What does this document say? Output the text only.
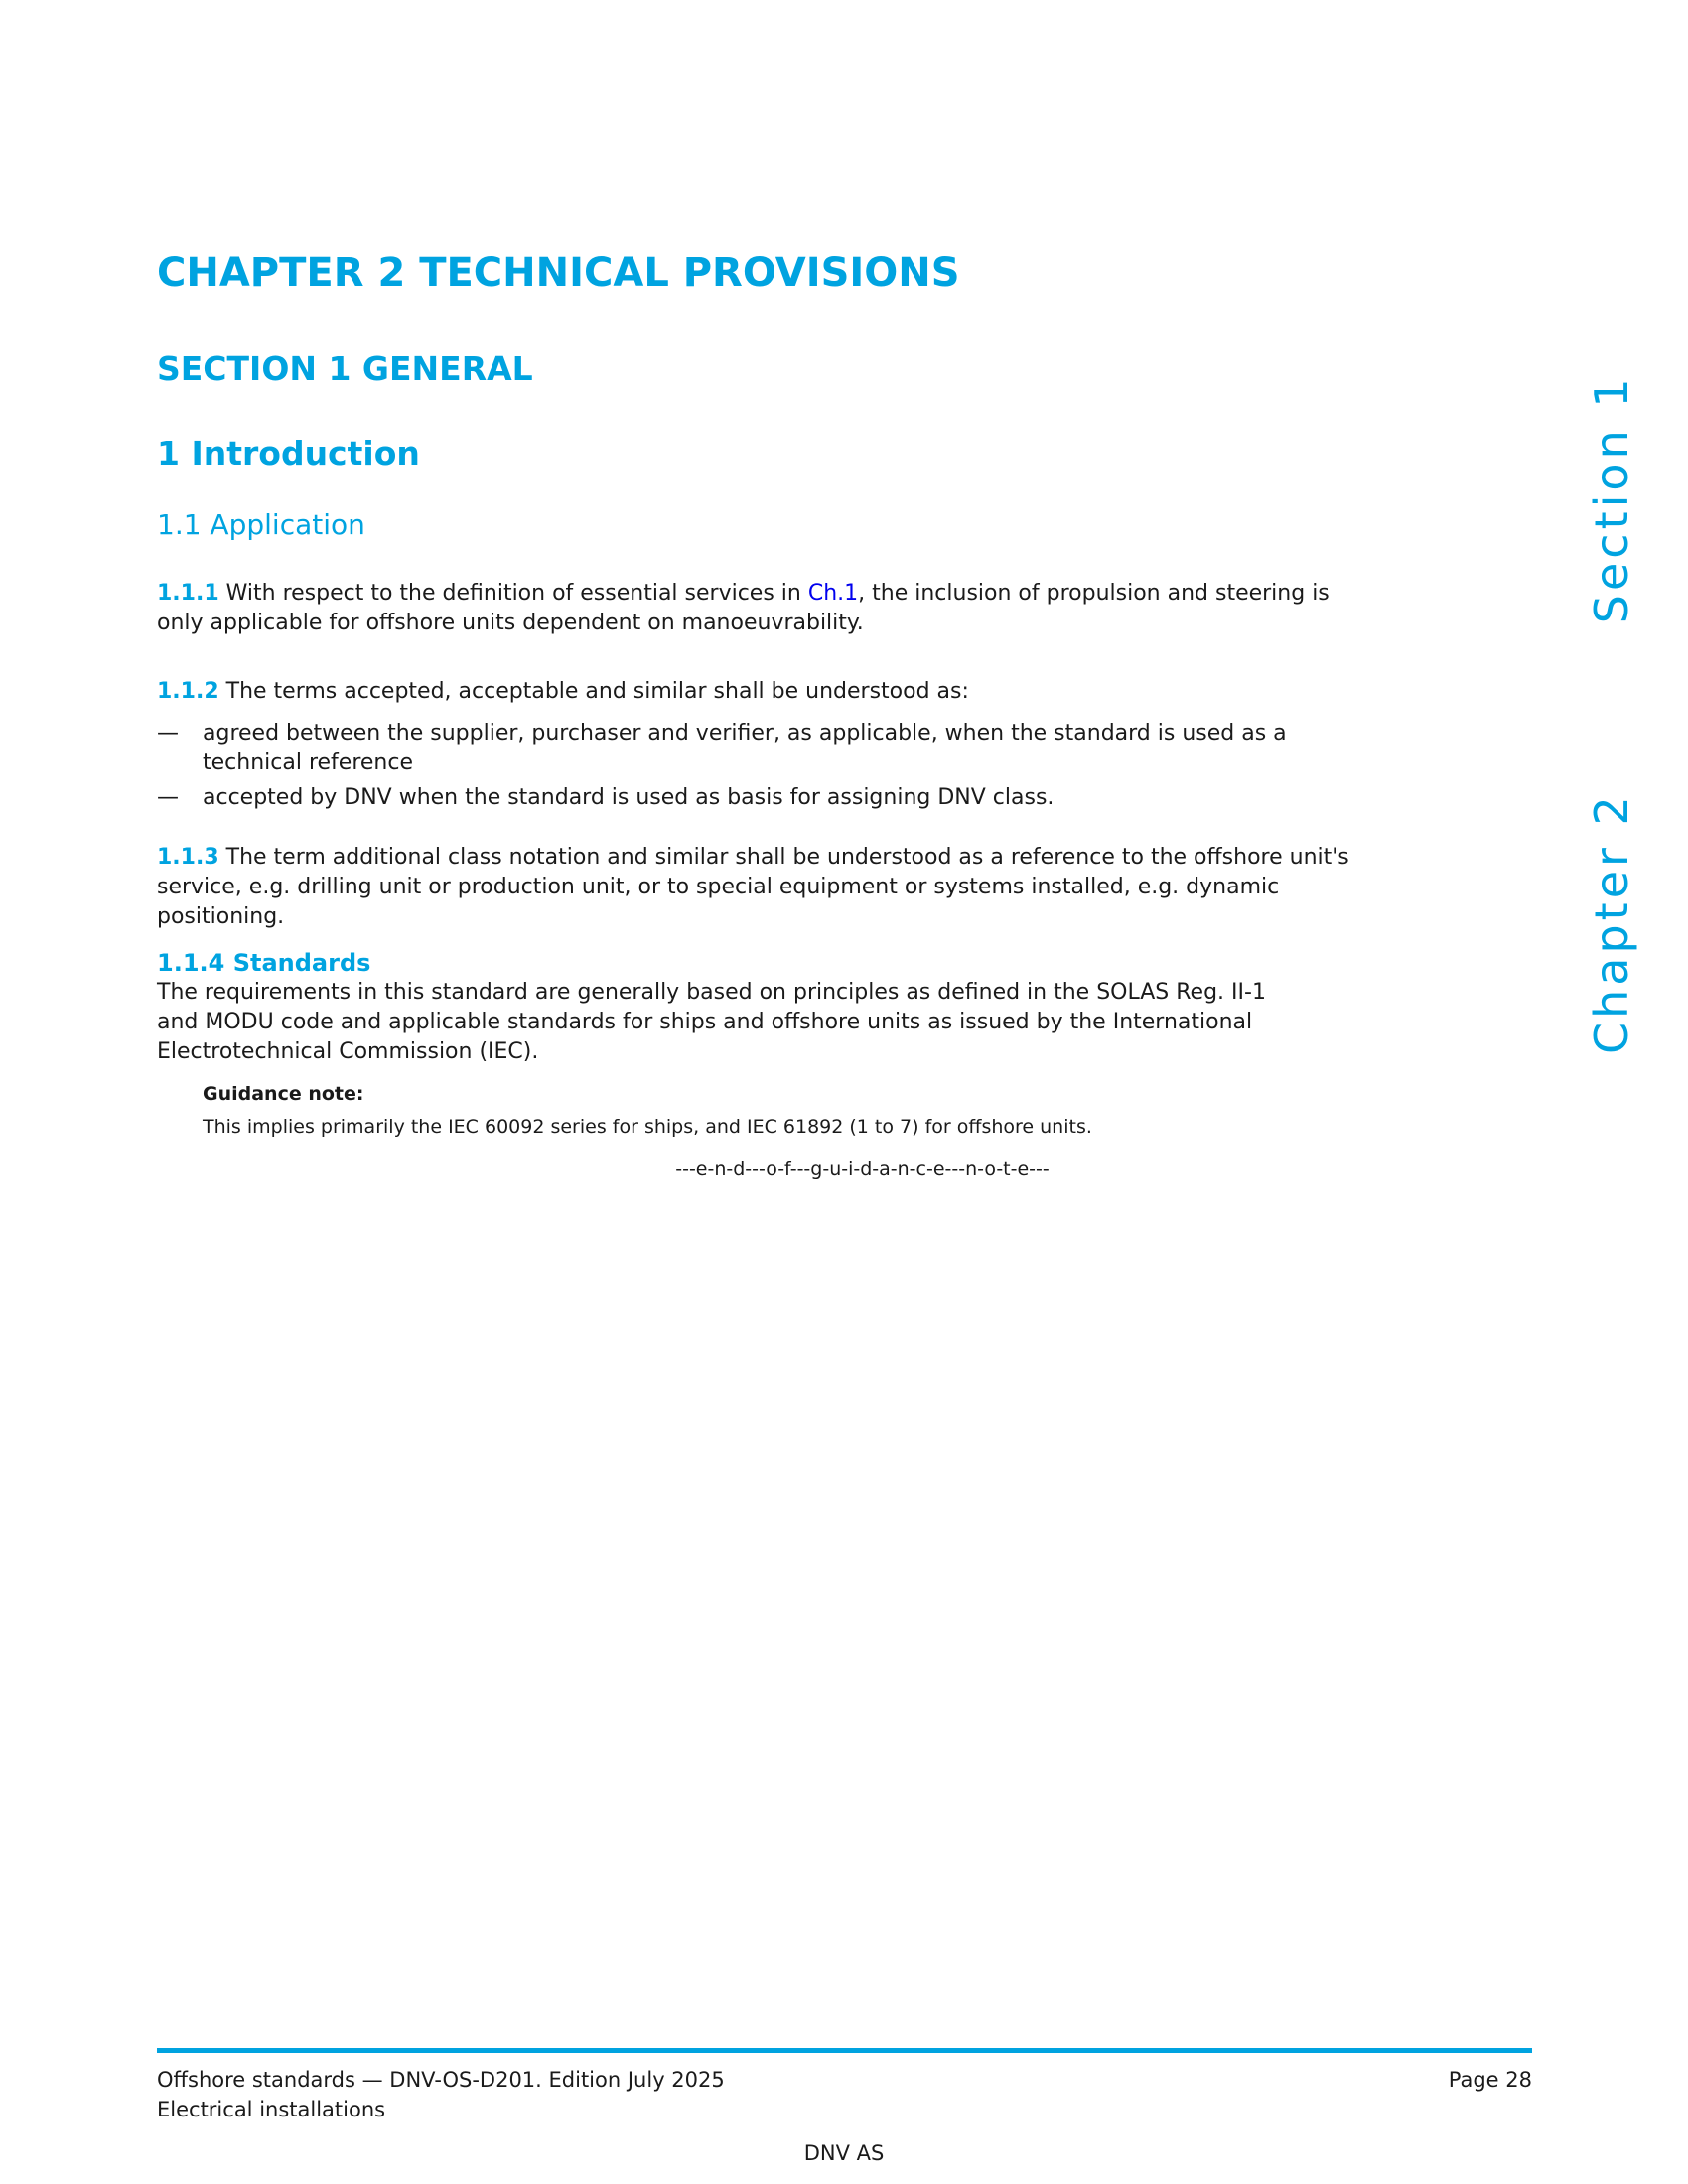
CHAPTER 2 TECHNICAL PROVISIONS
SECTION 1 GENERAL
1 Introduction
1.1 Application

1.1.1 With respect to the definition of essential services in Ch.1, the inclusion of propulsion and steering is
only applicable for offshore units dependent on manoeuvrability.

1.1.2 The terms accepted, acceptable and similar shall be understood as:

—	agreed between the supplier, purchaser and verifier, as applicable, when the standard is used as a
technical reference
—	accepted by DNV when the standard is used as basis for assigning DNV class.

1.1.3 The term additional class notation and similar shall be understood as a reference to the offshore unit's
service, e.g. drilling unit or production unit, or to special equipment or systems installed, e.g. dynamic
positioning.

1.1.4 Standards

The requirements in this standard are generally based on principles as defined in the SOLAS Reg. II-1
and MODU code and applicable standards for ships and offshore units as issued by the International
Electrotechnical Commission (IEC).

Guidance note:
This implies primarily the IEC 60092 series for ships, and IEC 61892 (1 to 7) for offshore units.
---e-n-d---o-f---g-u-i-d-a-n-c-e---n-o-t-e---
Chapter 2Section 1
Offshore standards — DNV-OS-D201. Edition July 2025	Page 28
Electrical installations
DNV AS
